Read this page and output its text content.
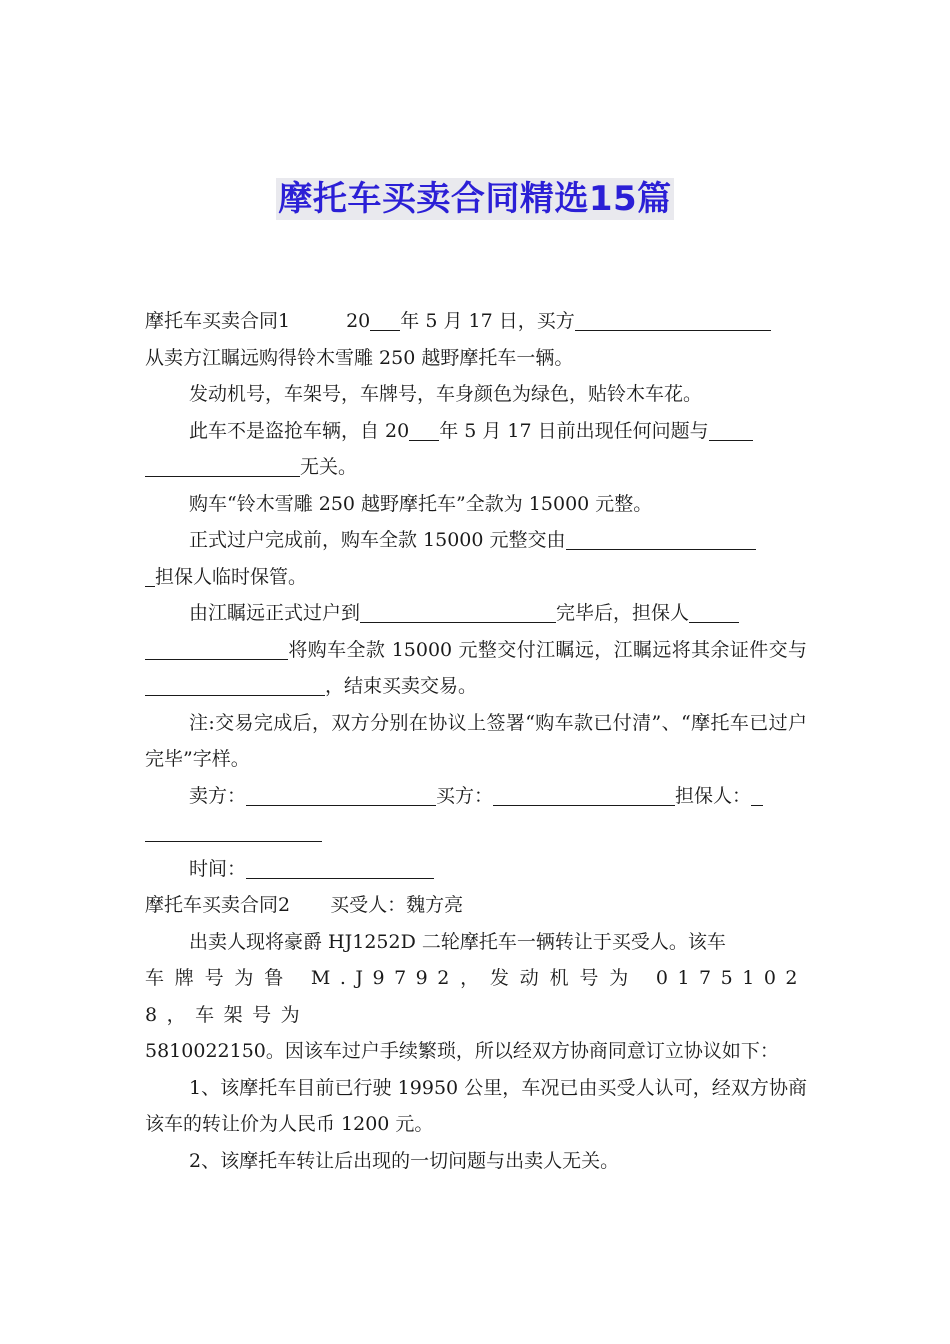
摩托车买卖合同精选15篇

摩托车买卖合同1	20 年 5 月 17 日，买方

从卖方江瞩远购得铃木雪雕 250 越野摩托车一辆。

发动机号，车架号，车牌号，车身颜色为绿色，贴铃木车花。

此车不是盗抢车辆，自 20 年 5 月 17 日前出现任何问题与
无关。

购车“铃木雪雕 250 越野摩托车”全款为 15000 元整。

正式过户完成前，购车全款 15000 元整交由
担保人临时保管。

由江瞩远正式过户到	完毕后，担保人
将购车全款 15000 元整交付江瞩远，江瞩远将其余证件交与，结束买卖交易。

注:交易完成后，双方分别在协议上签署“购车款已付清”、“摩托车已过户完毕”字样。

卖方：	买方：	担保人：

时间：

摩托车买卖合同2 买受人：魏方亮

出卖人现将豪爵 HJ1252D 二轮摩托车一辆转让于买受人。该车
车牌号为鲁 M.J9792，发动机号为 01751028，车架号为
5810022150。因该车过户手续繁琐，所以经双方协商同意订立协议如下：

1、该摩托车目前已行驶 19950 公里，车况已由买受人认可，经双方协商该车的转让价为人民币 1200 元。

2、该摩托车转让后出现的一切问题与出卖人无关。
